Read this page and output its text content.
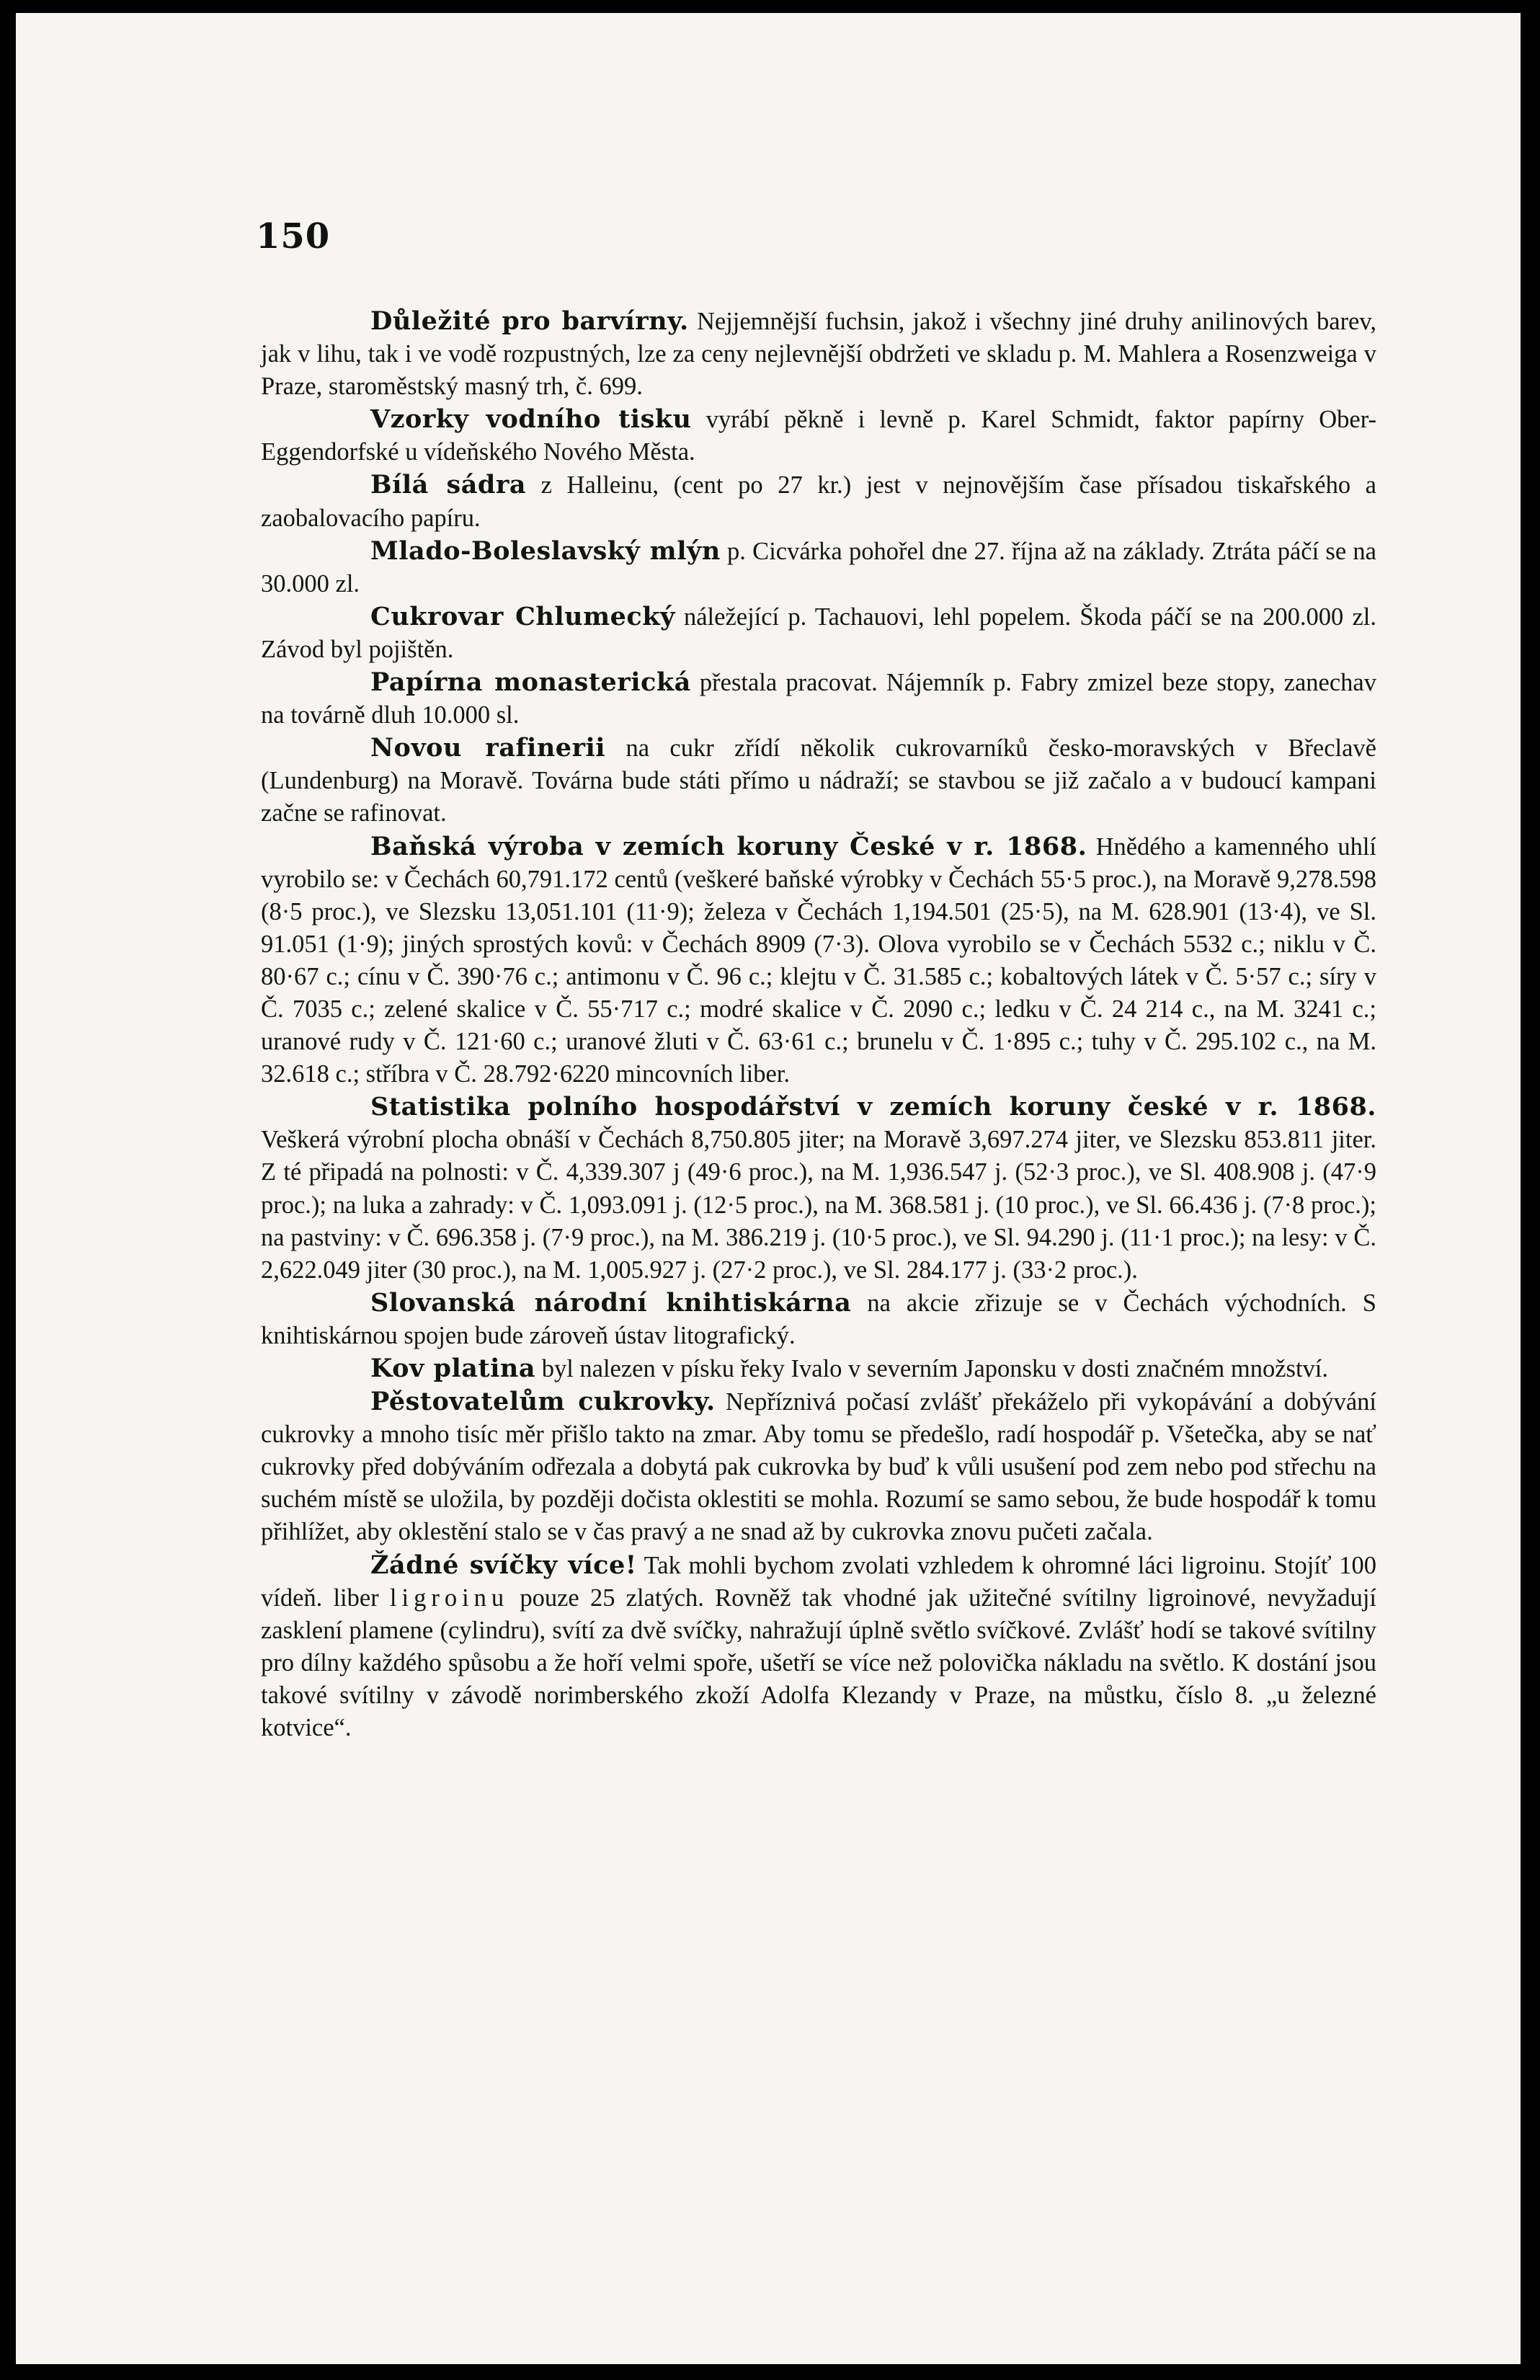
150

Důležité pro barvírny. Nejjemnější fuchsin, jakož i všechny jiné druhy anilinových barev, jak v lihu, tak i ve vodě rozpustných, lze za ceny nejlevnější obdržeti ve skladu p. M. Mahlera a Rosenzweiga v Praze, staroměstský masný trh, č. 699.

Vzorky vodního tisku vyrábí pěkně i levně p. Karel Schmidt, faktor papírny Ober-Eggendorfské u vídeňského Nového Města.

Bílá sádra z Halleinu, (cent po 27 kr.) jest v nejnovějším čase přísadou tiskařského a zaobalovacího papíru.

Mlado-Boleslavský mlýn p. Cicvárka pohořel dne 27. října až na základy. Ztráta páčí se na 30.000 zl.

Cukrovar Chlumecký náležející p. Tachauovi, lehl popelem. Škoda páčí se na 200.000 zl. Závod byl pojištěn.

Papírna monasterická přestala pracovat. Nájemník p. Fabry zmizel beze stopy, zanechav na továrně dluh 10.000 sl.

Novou rafinerii na cukr zřídí několik cukrovarníků česko-moravských v Břeclavě (Lundenburg) na Moravě. Továrna bude státi přímo u nádraží; se stavbou se již začalo a v budoucí kampani začne se rafinovat.

Baňská výroba v zemích koruny České v r. 1868. Hnědého a kamenného uhlí vyrobilo se: v Čechách 60,791.172 centů (veškeré baňské výrobky v Čechách 55·5 proc.), na Moravě 9,278.598 (8·5 proc.), ve Slezsku 13,051.101 (11·9); železa v Čechách 1,194.501 (25·5), na M. 628.901 (13·4), ve Sl. 91.051 (1·9); jiných sprostých kovů: v Čechách 8909 (7·3). Olova vyrobilo se v Čechách 5532 c.; niklu v Č. 80·67 c.; cínu v Č. 390·76 c.; antimonu v Č. 96 c.; klejtu v Č. 31.585 c.; kobaltových látek v Č. 5·57 c.; síry v Č. 7035 c.; zelené skalice v Č. 55·717 c.; modré skalice v Č. 2090 c.; ledku v Č. 24 214 c., na M. 3241 c.; uranové rudy v Č. 121·60 c.; uranové žluti v Č. 63·61 c.; brunelu v Č. 1·895 c.; tuhy v Č. 295.102 c., na M. 32.618 c.; stříbra v Č. 28.792·6220 mincovních liber.

Statistika polního hospodářství v zemích koruny české v r. 1868. Veškerá výrobní plocha obnáší v Čechách 8,750.805 jiter; na Moravě 3,697.274 jiter, ve Slezsku 853.811 jiter. Z té připadá na polnosti: v Č. 4,339.307 j (49·6 proc.), na M. 1,936.547 j. (52·3 proc.), ve Sl. 408.908 j. (47·9 proc.); na luka a zahrady: v Č. 1,093.091 j. (12·5 proc.), na M. 368.581 j. (10 proc.), ve Sl. 66.436 j. (7·8 proc.); na pastviny: v Č. 696.358 j. (7·9 proc.), na M. 386.219 j. (10·5 proc.), ve Sl. 94.290 j. (11·1 proc.); na lesy: v Č. 2,622.049 jiter (30 proc.), na M. 1,005.927 j. (27·2 proc.), ve Sl. 284.177 j. (33·2 proc.).

Slovanská národní knihtiskárna na akcie zřizuje se v Čechách východních. S knihtiskárnou spojen bude zároveň ústav litografický.

Kov platina byl nalezen v písku řeky Ivalo v severním Japonsku v dosti značném množství.

Pěstovatelům cukrovky. Nepříznivá počasí zvlášť překáželo při vykopávání a dobývání cukrovky a mnoho tisíc měr přišlo takto na zmar. Aby tomu se předešlo, radí hospodář p. Všetečka, aby se nať cukrovky před dobýváním odřezala a dobytá pak cukrovka by buď k vůli usušení pod zem nebo pod střechu na suchém místě se uložila, by později dočista oklestiti se mohla. Rozumí se samo sebou, že bude hospodář k tomu přihlížet, aby oklestění stalo se v čas pravý a ne snad až by cukrovka znovu pučeti začala.

Žádné svíčky více! Tak mohli bychom zvolati vzhledem k ohromné láci ligroinu. Stojíť 100 vídeň. liber ligroinu pouze 25 zlatých. Rovněž tak vhodné jak užitečné svítilny ligroinové, nevyžadují zasklení plamene (cylindru), svítí za dvě svíčky, nahražují úplně světlo svíčkové. Zvlášť hodí se takové svítilny pro dílny každého spůsobu a že hoří velmi spoře, ušetří se více než polovička nákladu na světlo. K dostání jsou takové svítilny v závodě norimberského zkoží Adolfa Klezandy v Praze, na můstku, číslo 8. „u železné kotvice“.
